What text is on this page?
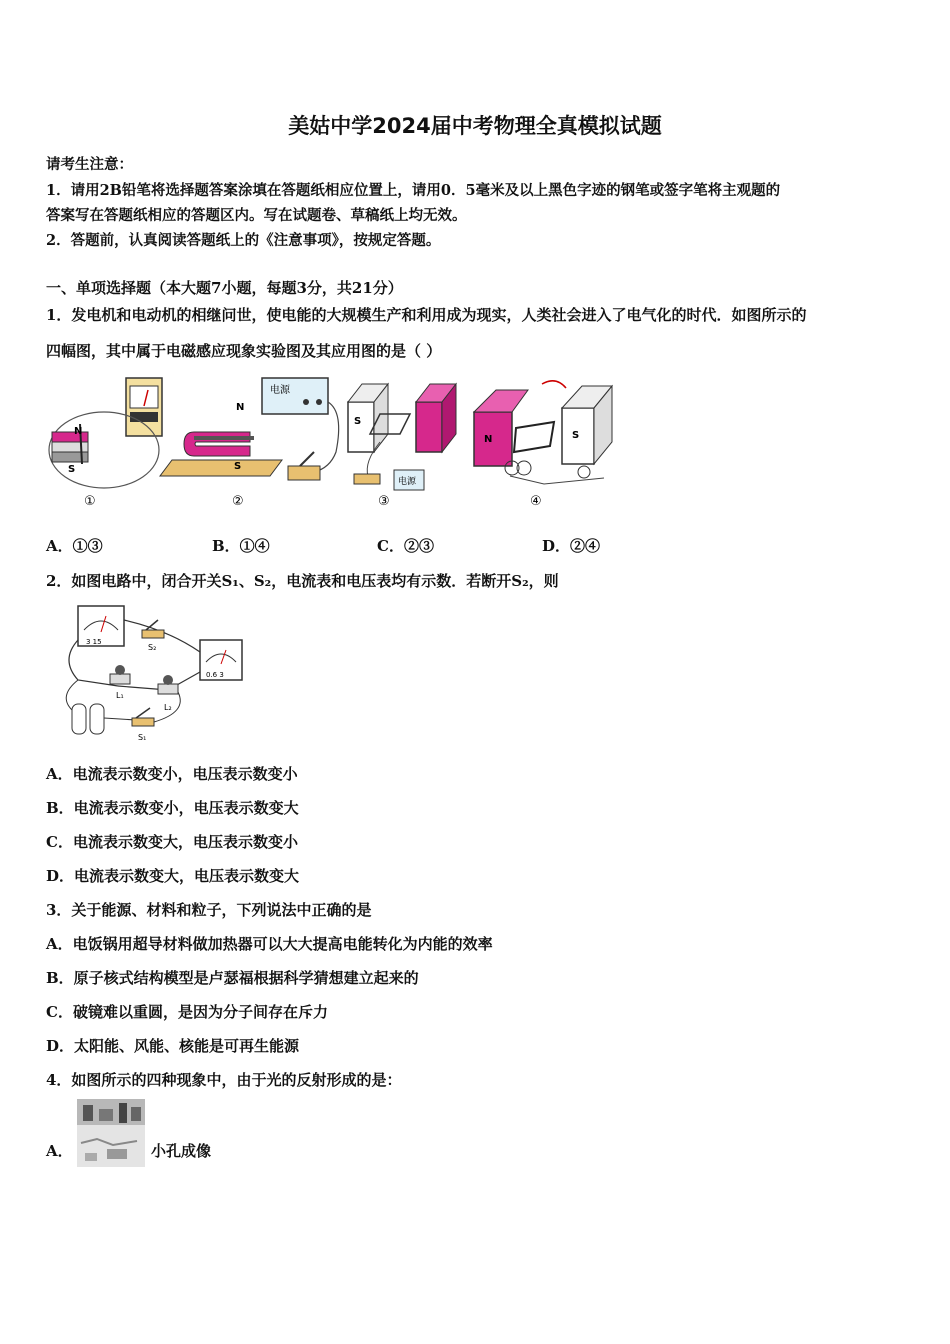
美姑中学2024届中考物理全真模拟试题
请考生注意：
1．请用2B铅笔将选择题答案涂填在答题纸相应位置上，请用0．5毫米及以上黑色字迹的钢笔或签字笔将主观题的
答案写在答题纸相应的答题区内。写在试题卷、草稿纸上均无效。
2．答题前，认真阅读答题纸上的《注意事项》，按规定答题。
一、单项选择题（本大题7小题，每题3分，共21分）
1．发电机和电动机的相继问世，使电能的大规模生产和利用成为现实，人类社会进入了电气化的时代．如图所示的
四幅图，其中属于电磁感应现象实验图及其应用图的是（ ）
N
S
电源
N
S
②
①
S
电源
③
N	S
④
A．①③	B．①④	C．②③	D．②④
2．如图电路中，闭合开关S₁、S₂，电流表和电压表均有示数．若断开S₂，则
3 15
0.6 3
S₂
L₁
L₂
S₁
A．电流表示数变小，电压表示数变小
B．电流表示数变小，电压表示数变大
C．电流表示数变大，电压表示数变小
D．电流表示数变大，电压表示数变大
3．关于能源、材料和粒子，下列说法中正确的是
A．电饭锅用超导材料做加热器可以大大提高电能转化为内能的效率
B．原子核式结构模型是卢瑟福根据科学猜想建立起来的
C．破镜难以重圆，是因为分子间存在斥力
D．太阳能、风能、核能是可再生能源
4．如图所示的四种现象中，由于光的反射形成的是：
A．	小孔成像
